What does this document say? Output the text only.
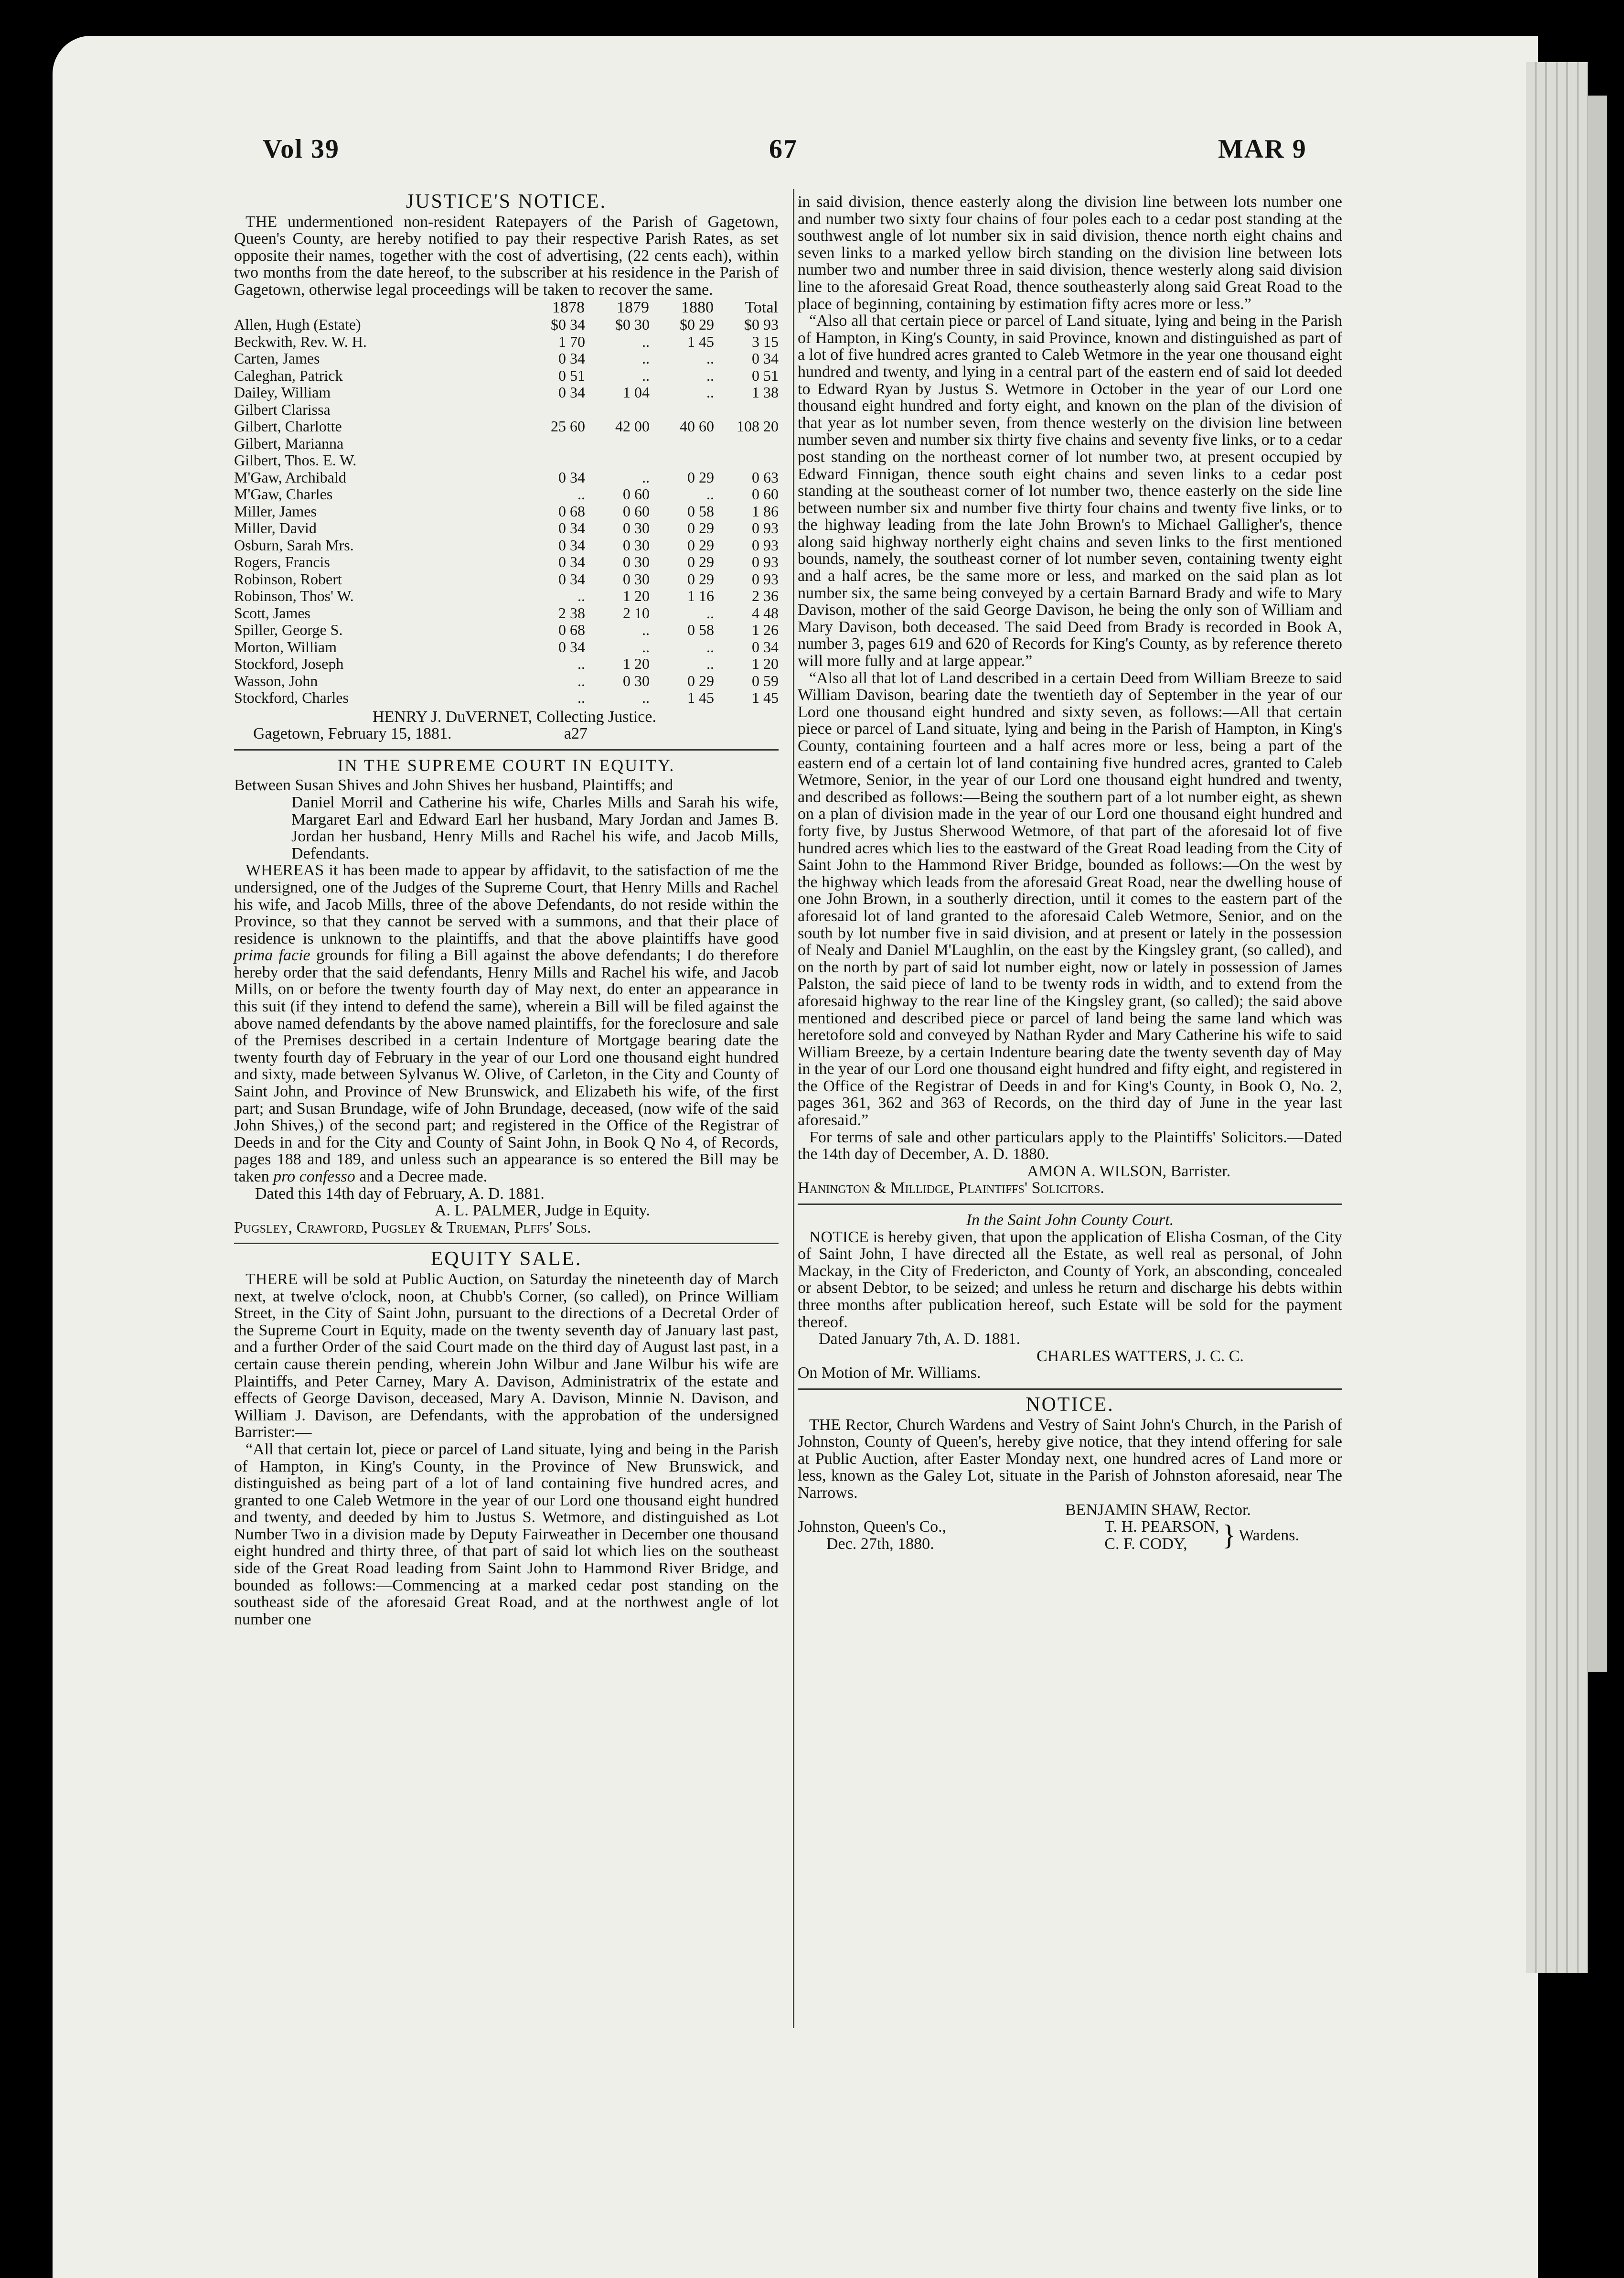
Vol 39	67	MAR 9
JUSTICE'S NOTICE.

THE undermentioned non-resident Ratepayers of the Parish of Gagetown, Queen's County, are hereby notified to pay their respective Parish Rates, as set opposite their names, together with the cost of advertising, (22 cents each), within two months from the date hereof, to the subscriber at his residence in the Parish of Gagetown, otherwise legal proceedings will be taken to recover the same.

	1878	1879	1880	Total
Allen, Hugh (Estate)	$0 34	$0 30	$0 29	$0 93
Beckwith, Rev. W. H.	1 70	..	1 45	3 15
Carten, James	0 34	..	..	0 34
Caleghan, Patrick	0 51	..	..	0 51
Dailey, William	0 34	1 04	..	1 38
Gilbert Clarissa				
Gilbert, Charlotte	25 60	42 00	40 60	108 20
Gilbert, Marianna				
Gilbert, Thos. E. W.				
M'Gaw, Archibald	0 34	..	0 29	0 63
M'Gaw, Charles	..	0 60	..	0 60
Miller, James	0 68	0 60	0 58	1 86
Miller, David	0 34	0 30	0 29	0 93
Osburn, Sarah Mrs.	0 34	0 30	0 29	0 93
Rogers, Francis	0 34	0 30	0 29	0 93
Robinson, Robert	0 34	0 30	0 29	0 93
Robinson, Thos' W.	..	1 20	1 16	2 36
Scott, James	2 38	2 10	..	4 48
Spiller, George S.	0 68	..	0 58	1 26
Morton, William	0 34	..	..	0 34
Stockford, Joseph	..	1 20	..	1 20
Wasson, John	..	0 30	0 29	0 59
Stockford, Charles	..	..	1 45	1 45
HENRY J. DuVERNET, Collecting Justice.
Gagetown, February 15, 1881.	a27
IN THE SUPREME COURT IN EQUITY.

Between Susan Shives and John Shives her husband, Plaintiffs; and

Daniel Morril and Catherine his wife, Charles Mills and Sarah his wife, Margaret Earl and Edward Earl her husband, Mary Jordan and James B. Jordan her husband, Henry Mills and Rachel his wife, and Jacob Mills, Defendants.

WHEREAS it has been made to appear by affidavit, to the satisfaction of me the undersigned, one of the Judges of the Supreme Court, that Henry Mills and Rachel his wife, and Jacob Mills, three of the above Defendants, do not reside within the Province, so that they cannot be served with a summons, and that their place of residence is unknown to the plaintiffs, and that the above plaintiffs have good prima facie grounds for filing a Bill against the above defendants; I do therefore hereby order that the said defendants, Henry Mills and Rachel his wife, and Jacob Mills, on or before the twenty fourth day of May next, do enter an appearance in this suit (if they intend to defend the same), wherein a Bill will be filed against the above named defendants by the above named plaintiffs, for the foreclosure and sale of the Premises described in a certain Indenture of Mortgage bearing date the twenty fourth day of February in the year of our Lord one thousand eight hundred and sixty, made between Sylvanus W. Olive, of Carleton, in the City and County of Saint John, and Province of New Brunswick, and Elizabeth his wife, of the first part; and Susan Brundage, wife of John Brundage, deceased, (now wife of the said John Shives,) of the second part; and registered in the Office of the Registrar of Deeds in and for the City and County of Saint John, in Book Q No 4, of Records, pages 188 and 189, and unless such an appearance is so entered the Bill may be taken pro confesso and a Decree made.

Dated this 14th day of February, A. D. 1881.

A. L. PALMER, Judge in Equity.
Pugsley, Crawford, Pugsley & Trueman, Plffs' Sols.
EQUITY SALE.

THERE will be sold at Public Auction, on Saturday the nineteenth day of March next, at twelve o'clock, noon, at Chubb's Corner, (so called), on Prince William Street, in the City of Saint John, pursuant to the directions of a Decretal Order of the Supreme Court in Equity, made on the twenty seventh day of January last past, and a further Order of the said Court made on the third day of August last past, in a certain cause therein pending, wherein John Wilbur and Jane Wilbur his wife are Plaintiffs, and Peter Carney, Mary A. Davison, Administratrix of the estate and effects of George Davison, deceased, Mary A. Davison, Minnie N. Davison, and William J. Davison, are Defendants, with the approbation of the undersigned Barrister:—

“All that certain lot, piece or parcel of Land situate, lying and being in the Parish of Hampton, in King's County, in the Province of New Brunswick, and distinguished as being part of a lot of land containing five hundred acres, and granted to one Caleb Wetmore in the year of our Lord one thousand eight hundred and twenty, and deeded by him to Justus S. Wetmore, and distinguished as Lot Number Two in a division made by Deputy Fairweather in December one thousand eight hundred and thirty three, of that part of said lot which lies on the southeast side of the Great Road leading from Saint John to Hammond River Bridge, and bounded as follows:—Commencing at a marked cedar post standing on the southeast side of the aforesaid Great Road, and at the northwest angle of lot number one

in said division, thence easterly along the division line between lots number one and number two sixty four chains of four poles each to a cedar post standing at the southwest angle of lot number six in said division, thence north eight chains and seven links to a marked yellow birch standing on the division line between lots number two and number three in said division, thence westerly along said division line to the aforesaid Great Road, thence southeasterly along said Great Road to the place of beginning, containing by estimation fifty acres more or less.”

“Also all that certain piece or parcel of Land situate, lying and being in the Parish of Hampton, in King's County, in said Province, known and distinguished as part of a lot of five hundred acres granted to Caleb Wetmore in the year one thousand eight hundred and twenty, and lying in a central part of the eastern end of said lot deeded to Edward Ryan by Justus S. Wetmore in October in the year of our Lord one thousand eight hundred and forty eight, and known on the plan of the division of that year as lot number seven, from thence westerly on the division line between number seven and number six thirty five chains and seventy five links, or to a cedar post standing on the northeast corner of lot number two, at present occupied by Edward Finnigan, thence south eight chains and seven links to a cedar post standing at the southeast corner of lot number two, thence easterly on the side line between number six and number five thirty four chains and twenty five links, or to the highway leading from the late John Brown's to Michael Galligher's, thence along said highway northerly eight chains and seven links to the first mentioned bounds, namely, the southeast corner of lot number seven, containing twenty eight and a half acres, be the same more or less, and marked on the said plan as lot number six, the same being conveyed by a certain Barnard Brady and wife to Mary Davison, mother of the said George Davison, he being the only son of William and Mary Davison, both deceased. The said Deed from Brady is recorded in Book A, number 3, pages 619 and 620 of Records for King's County, as by reference thereto will more fully and at large appear.”

“Also all that lot of Land described in a certain Deed from William Breeze to said William Davison, bearing date the twentieth day of September in the year of our Lord one thousand eight hundred and sixty seven, as follows:—All that certain piece or parcel of Land situate, lying and being in the Parish of Hampton, in King's County, containing fourteen and a half acres more or less, being a part of the eastern end of a certain lot of land containing five hundred acres, granted to Caleb Wetmore, Senior, in the year of our Lord one thousand eight hundred and twenty, and described as follows:—Being the southern part of a lot number eight, as shewn on a plan of division made in the year of our Lord one thousand eight hundred and forty five, by Justus Sherwood Wetmore, of that part of the aforesaid lot of five hundred acres which lies to the eastward of the Great Road leading from the City of Saint John to the Hammond River Bridge, bounded as follows:—On the west by the highway which leads from the aforesaid Great Road, near the dwelling house of one John Brown, in a southerly direction, until it comes to the eastern part of the aforesaid lot of land granted to the aforesaid Caleb Wetmore, Senior, and on the south by lot number five in said division, and at present or lately in the possession of Nealy and Daniel M'Laughlin, on the east by the Kingsley grant, (so called), and on the north by part of said lot number eight, now or lately in possession of James Palston, the said piece of land to be twenty rods in width, and to extend from the aforesaid highway to the rear line of the Kingsley grant, (so called); the said above mentioned and described piece or parcel of land being the same land which was heretofore sold and conveyed by Nathan Ryder and Mary Catherine his wife to said William Breeze, by a certain Indenture bearing date the twenty seventh day of May in the year of our Lord one thousand eight hundred and fifty eight, and registered in the Office of the Registrar of Deeds in and for King's County, in Book O, No. 2, pages 361, 362 and 363 of Records, on the third day of June in the year last aforesaid.”

For terms of sale and other particulars apply to the Plaintiffs' Solicitors.—Dated the 14th day of December, A. D. 1880.

AMON A. WILSON, Barrister.
Hanington & Millidge, Plaintiffs' Solicitors.
In the Saint John County Court.

NOTICE is hereby given, that upon the application of Elisha Cosman, of the City of Saint John, I have directed all the Estate, as well real as personal, of John Mackay, in the City of Fredericton, and County of York, an absconding, concealed or absent Debtor, to be seized; and unless he return and discharge his debts within three months after publication hereof, such Estate will be sold for the payment thereof.

Dated January 7th, A. D. 1881.

CHARLES WATTERS, J. C. C.
On Motion of Mr. Williams.
NOTICE.

THE Rector, Church Wardens and Vestry of Saint John's Church, in the Parish of Johnston, County of Queen's, hereby give notice, that they intend offering for sale at Public Auction, after Easter Monday next, one hundred acres of Land more or less, known as the Galey Lot, situate in the Parish of Johnston aforesaid, near The Narrows.

BENJAMIN SHAW, Rector.
Johnston, Queen's Co.,
Dec. 27th, 1880.
T. H. PEARSON,
C. F. CODY,	} Wardens.
